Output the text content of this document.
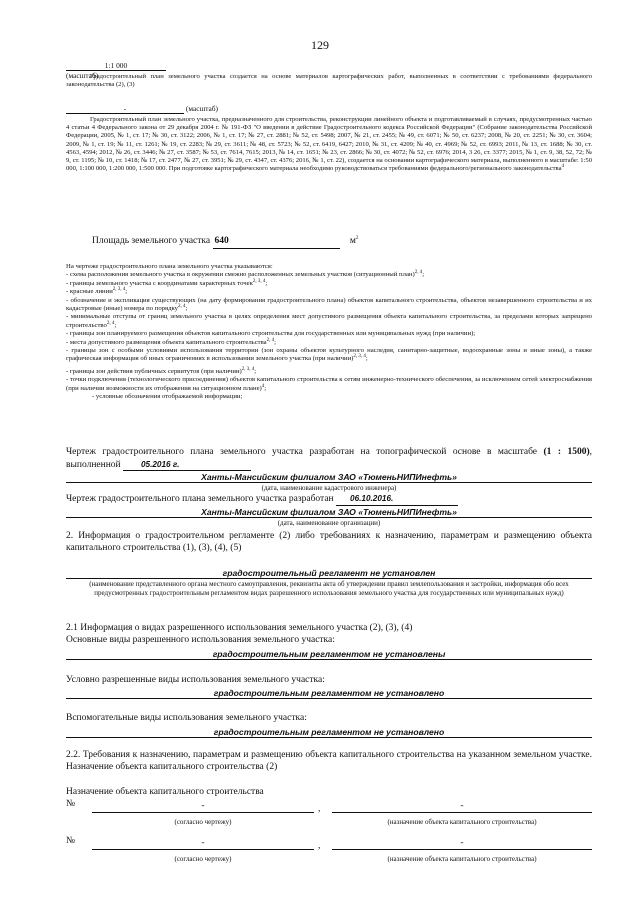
129
1:1 000 (масштаб)
Градостроительный план земельного участка создается на основе материалов картографических работ, выполненных в соответствии с требованиями федерального законодательства (2), (3)
-	(масштаб)
Градостроительный план земельного участка, предназначенного для строительства, реконструкции линейного объекта и подготавливаемый в случаях, предусмотренных частью 4 статьи 4 Федерального закона от 29 декабря 2004 г. № 191-ФЗ "О введении в действие Градостроительного кодекса Российской Федерации" (Собрание законодательства Российской Федерации, 2005, № 1, ст. 17; № 30, ст. 3122; 2006, № 1, ст. 17; № 27, ст. 2881; № 52, ст. 5498; 2007, № 21, ст. 2455; № 49, ст. 6071; № 50, ст. 6237; 2008, № 20, ст. 2251; № 30, ст. 3604; 2009, № 1, ст. 19; № 11, ст. 1261; № 19, ст. 2283; № 29, ст. 3611; № 48, ст. 5723; № 52, ст. 6419, 6427; 2010, № 31, ст. 4209; № 40, ст. 4969; № 52, ст. 6993; 2011, № 13, ст. 1688; № 30, ст. 4563, 4594; 2012, № 26, ст. 3446; № 27, ст. 3587; № 53, ст. 7614, 7615; 2013, № 14, ст. 1651; № 23, ст. 2866; № 30, ст. 4072; № 52, ст. 6976; 2014, 3 26, ст. 3377; 2015, № 1, ст. 9, 38, 52, 72; № 9, ст. 1195; № 10, ст. 1418; № 17, ст. 2477, № 27, ст. 3951; № 29, ст. 4347, ст. 4376; 2016, № 1, ст. 22), создается на основании картографического материала, выполненного в масштабе: 1:50 000, 1:100 000, 1:200 000, 1:500 000. При подготовке картографического материала необходимо руководствоваться требованиями федерального/регионального законодательства$^4$
Площадь земельного участка 640	$м^2$
На чертеже градостроительного плана земельного участка указываются:
- схема расположения земельного участка в окружении смежно расположенных земельных участков (ситуационный план)$^{2, 4}$;
- границы земельного участка с координатами характерных точек$^{2, 3, 4}$;
- красные линии$^{2, 3, 4}$;
- обозначение и экспликация существующих (на дату формирования градостроительного плана) объектов капитального строительства, объектов незавершенного строительства и их кадастровые (иные) номера по порядку$^{2, 4}$;
- минимальные отступы от границ земельного участка в целях определения мест допустимого размещения объекта капитального строительства, за пределами которых запрещено строительство$^{2, 4}$;
- границы зон планируемого размещения объектов капитального строительства для государственных или муниципальных нужд (при наличии);
- места допустимого размещения объекта капитального строительства$^{2, 4}$;
- границы зон с особыми условиями использования территории (зон охраны объектов культурного наследия, санитарно-защитные, водоохранные зоны и иные зоны), а также графическая информация об иных ограничениях в использовании земельного участка (при наличии)$^{2, 3, 4}$;
- границы зон действия публичных сервитутов (при наличии)$^{2, 3, 4}$;
- точки подключения (технологического присоединения) объектов капитального строительства к сетям инженерно-технического обеспечения, за исключением сетей электроснабжения (при наличии возможности их отображения на ситуационном плане)$^4$;
- условные обозначения отображаемой информации;
Чертеж градостроительного плана земельного участка разработан на топографической основе в масштабе (1 : 1500), выполненной 05.2016 г.
Ханты-Мансийским филиалом ЗАО «ТюменьНИПИнефть»
(дата, наименование кадастрового инженера)
Чертеж градостроительного плана земельного участка разработан 06.10.2016.
Ханты-Мансийским филиалом ЗАО «ТюменьНИПИнефть»
(дата, наименование организации)
2. Информация о градостроительном регламенте (2) либо требованиях к назначению, параметрам и размещению объекта капитального строительства (1), (3), (4), (5)
градостроительный регламент не установлен
(наименование представленного органа местного самоуправления, реквизиты акта об утверждении правил землепользования и застройки, информация обо всех предусмотренных градостроительным регламентом видах разрешенного использования земельного участка для государственных или муниципальных нужд)
2.1 Информация о видах разрешенного использования земельного участка (2), (3), (4)
Основные виды разрешенного использования земельного участка:
градостроительным регламентом не установлены
Условно разрешенные виды использования земельного участка:
градостроительным регламентом не установлено
Вспомогательные виды использования земельного участка:
градостроительным регламентом не установлено
2.2. Требования к назначению, параметрам и размещению объекта капитального строительства на указанном земельном участке. Назначение объекта капитального строительства (2)
Назначение объекта капитального строительства
№	-	,	-
(согласно чертежу)	(назначение объекта капитального строительства)
№	-	,	-
(согласно чертежу)	(назначение объекта капитального строительства)
